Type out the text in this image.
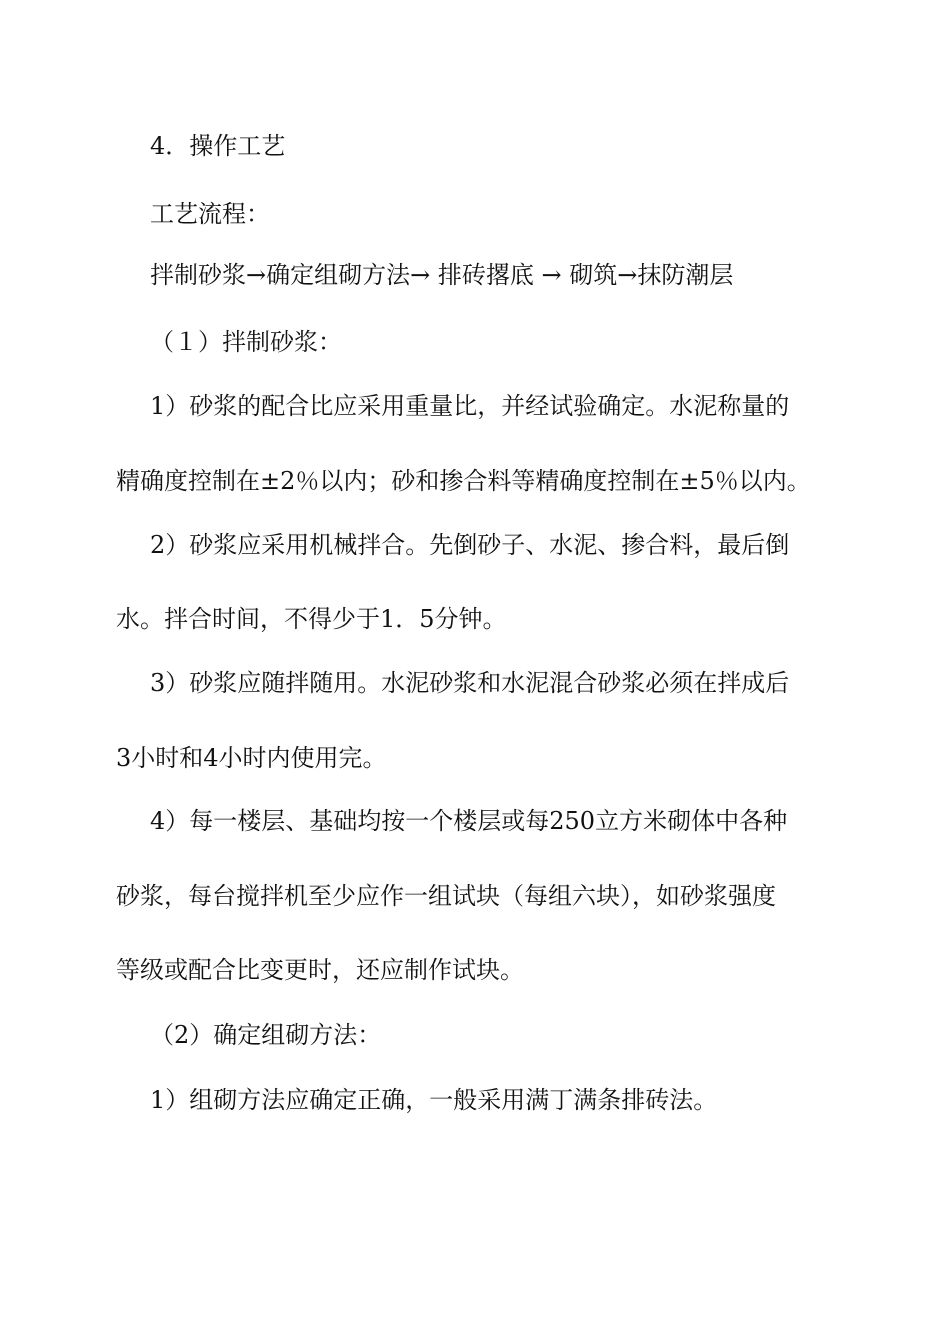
4．操作工艺
工艺流程：
拌制砂浆→确定组砌方法→ 排砖撂底 → 砌筑→抹防潮层
（１）拌制砂浆：
1）砂浆的配合比应采用重量比，并经试验确定。水泥称量的
精确度控制在±2％以内；砂和掺合料等精确度控制在±5％以内。
2）砂浆应采用机械拌合。先倒砂子、水泥、掺合料，最后倒
水。拌合时间，不得少于1．5分钟。
3）砂浆应随拌随用。水泥砂浆和水泥混合砂浆必须在拌成后
3小时和4小时内使用完。
4）每一楼层、基础均按一个楼层或每250立方米砌体中各种
砂浆，每台搅拌机至少应作一组试块（每组六块），如砂浆强度
等级或配合比变更时，还应制作试块。
（2）确定组砌方法：
1）组砌方法应确定正确，一般采用满丁满条排砖法。
